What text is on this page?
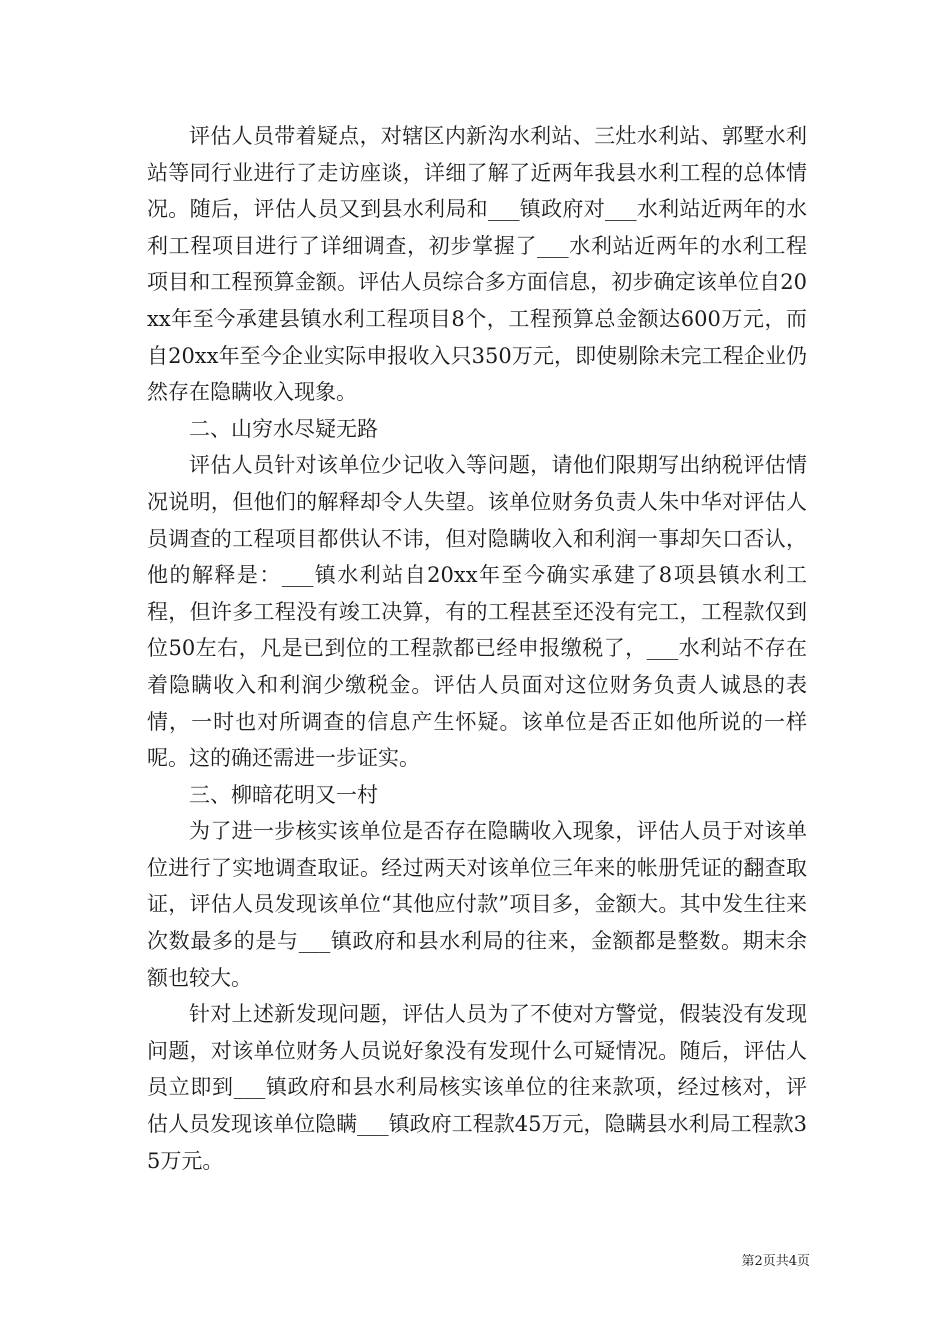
评估人员带着疑点，对辖区内新沟水利站、三灶水利站、郭墅水利站等同行业进行了走访座谈，详细了解了近两年我县水利工程的总体情况。随后，评估人员又到县水利局和___镇政府对___水利站近两年的水利工程项目进行了详细调查，初步掌握了___水利站近两年的水利工程项目和工程预算金额。评估人员综合多方面信息，初步确定该单位自20xx年至今承建县镇水利工程项目8个，工程预算总金额达600万元，而自20xx年至今企业实际申报收入只350万元，即使剔除未完工程企业仍然存在隐瞒收入现象。

二、山穷水尽疑无路

评估人员针对该单位少记收入等问题，请他们限期写出纳税评估情况说明，但他们的解释却令人失望。该单位财务负责人朱中华对评估人员调查的工程项目都供认不讳，但对隐瞒收入和利润一事却矢口否认，他的解释是：___镇水利站自20xx年至今确实承建了8项县镇水利工程，但许多工程没有竣工决算，有的工程甚至还没有完工，工程款仅到位50左右，凡是已到位的工程款都已经申报缴税了，___水利站不存在着隐瞒收入和利润少缴税金。评估人员面对这位财务负责人诚恳的表情，一时也对所调查的信息产生怀疑。该单位是否正如他所说的一样呢。这的确还需进一步证实。

三、柳暗花明又一村

为了进一步核实该单位是否存在隐瞒收入现象，评估人员于对该单位进行了实地调查取证。经过两天对该单位三年来的帐册凭证的翻查取证，评估人员发现该单位“其他应付款”项目多，金额大。其中发生往来次数最多的是与___镇政府和县水利局的往来，金额都是整数。期末余额也较大。

针对上述新发现问题，评估人员为了不使对方警觉，假装没有发现问题，对该单位财务人员说好象没有发现什么可疑情况。随后，评估人员立即到___镇政府和县水利局核实该单位的往来款项，经过核对，评估人员发现该单位隐瞒___镇政府工程款45万元，隐瞒县水利局工程款35万元。

第2页共4页
